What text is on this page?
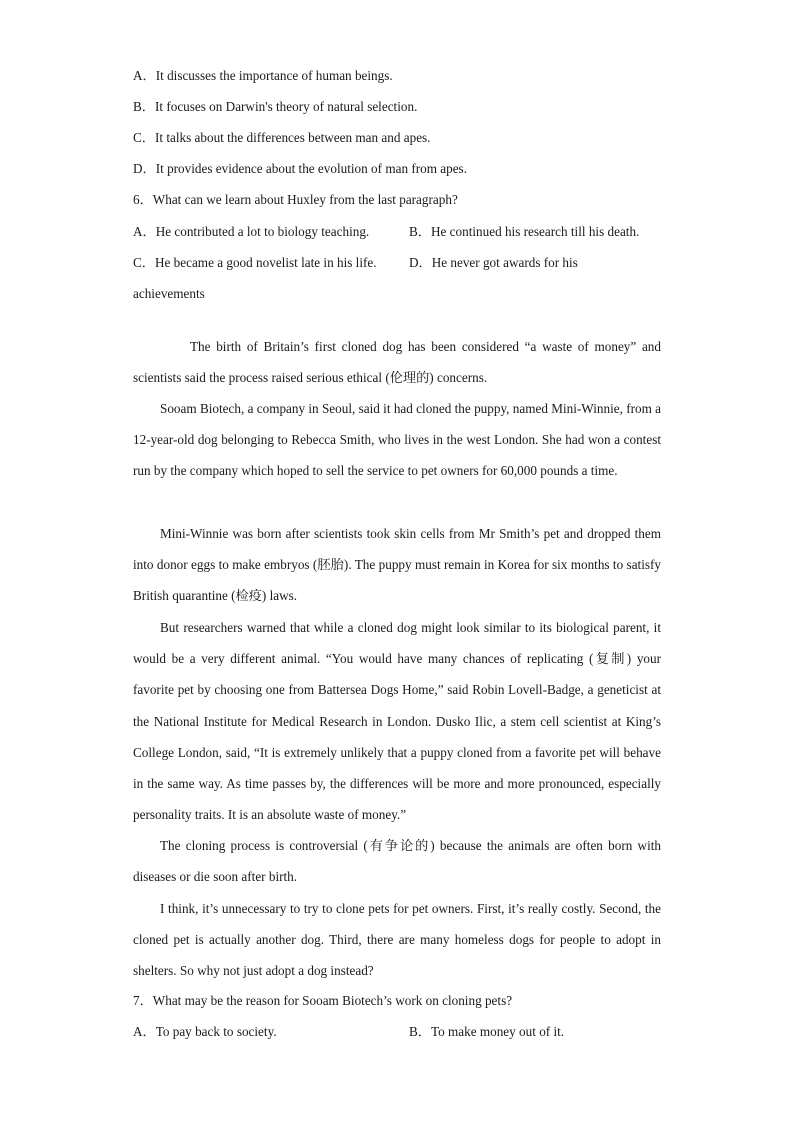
A．It discusses the importance of human beings.
B．It focuses on Darwin's theory of natural selection.
C．It talks about the differences between man and apes.
D．It provides evidence about the evolution of man from apes.
6．What can we learn about Huxley from the last paragraph?
A．He contributed a lot to biology teaching.	B．He continued his research till his death.
C．He became a good novelist late in his life. D．He never got awards for his
achievements
The birth of Britain’s first cloned dog has been considered “a waste of money” and scientists said the process raised serious ethical (伦理的) concerns.
Sooam Biotech, a company in Seoul, said it had cloned the puppy, named Mini-Winnie, from a 12-year-old dog belonging to Rebecca Smith, who lives in the west London. She had won a contest run by the company which hoped to sell the service to pet owners for 60,000 pounds a time.
Mini-Winnie was born after scientists took skin cells from Mr Smith’s pet and dropped them into donor eggs to make embryos (胚胎). The puppy must remain in Korea for six months to satisfy British quarantine (检疫) laws.
But researchers warned that while a cloned dog might look similar to its biological parent, it would be a very different animal. “You would have many chances of replicating (复制) your favorite pet by choosing one from Battersea Dogs Home,” said Robin Lovell-Badge, a geneticist at the National Institute for Medical Research in London. Dusko Ilic, a stem cell scientist at King’s College London, said, “It is extremely unlikely that a puppy cloned from a favorite pet will behave in the same way. As time passes by, the differences will be more and more pronounced, especially personality traits. It is an absolute waste of money.”
The cloning process is controversial (有争论的) because the animals are often born with diseases or die soon after birth.
I think, it’s unnecessary to try to clone pets for pet owners. First, it’s really costly. Second, the cloned pet is actually another dog. Third, there are many homeless dogs for people to adopt in shelters. So why not just adopt a dog instead?
7．What may be the reason for Sooam Biotech’s work on cloning pets?
A．To pay back to society.	B．To make money out of it.
